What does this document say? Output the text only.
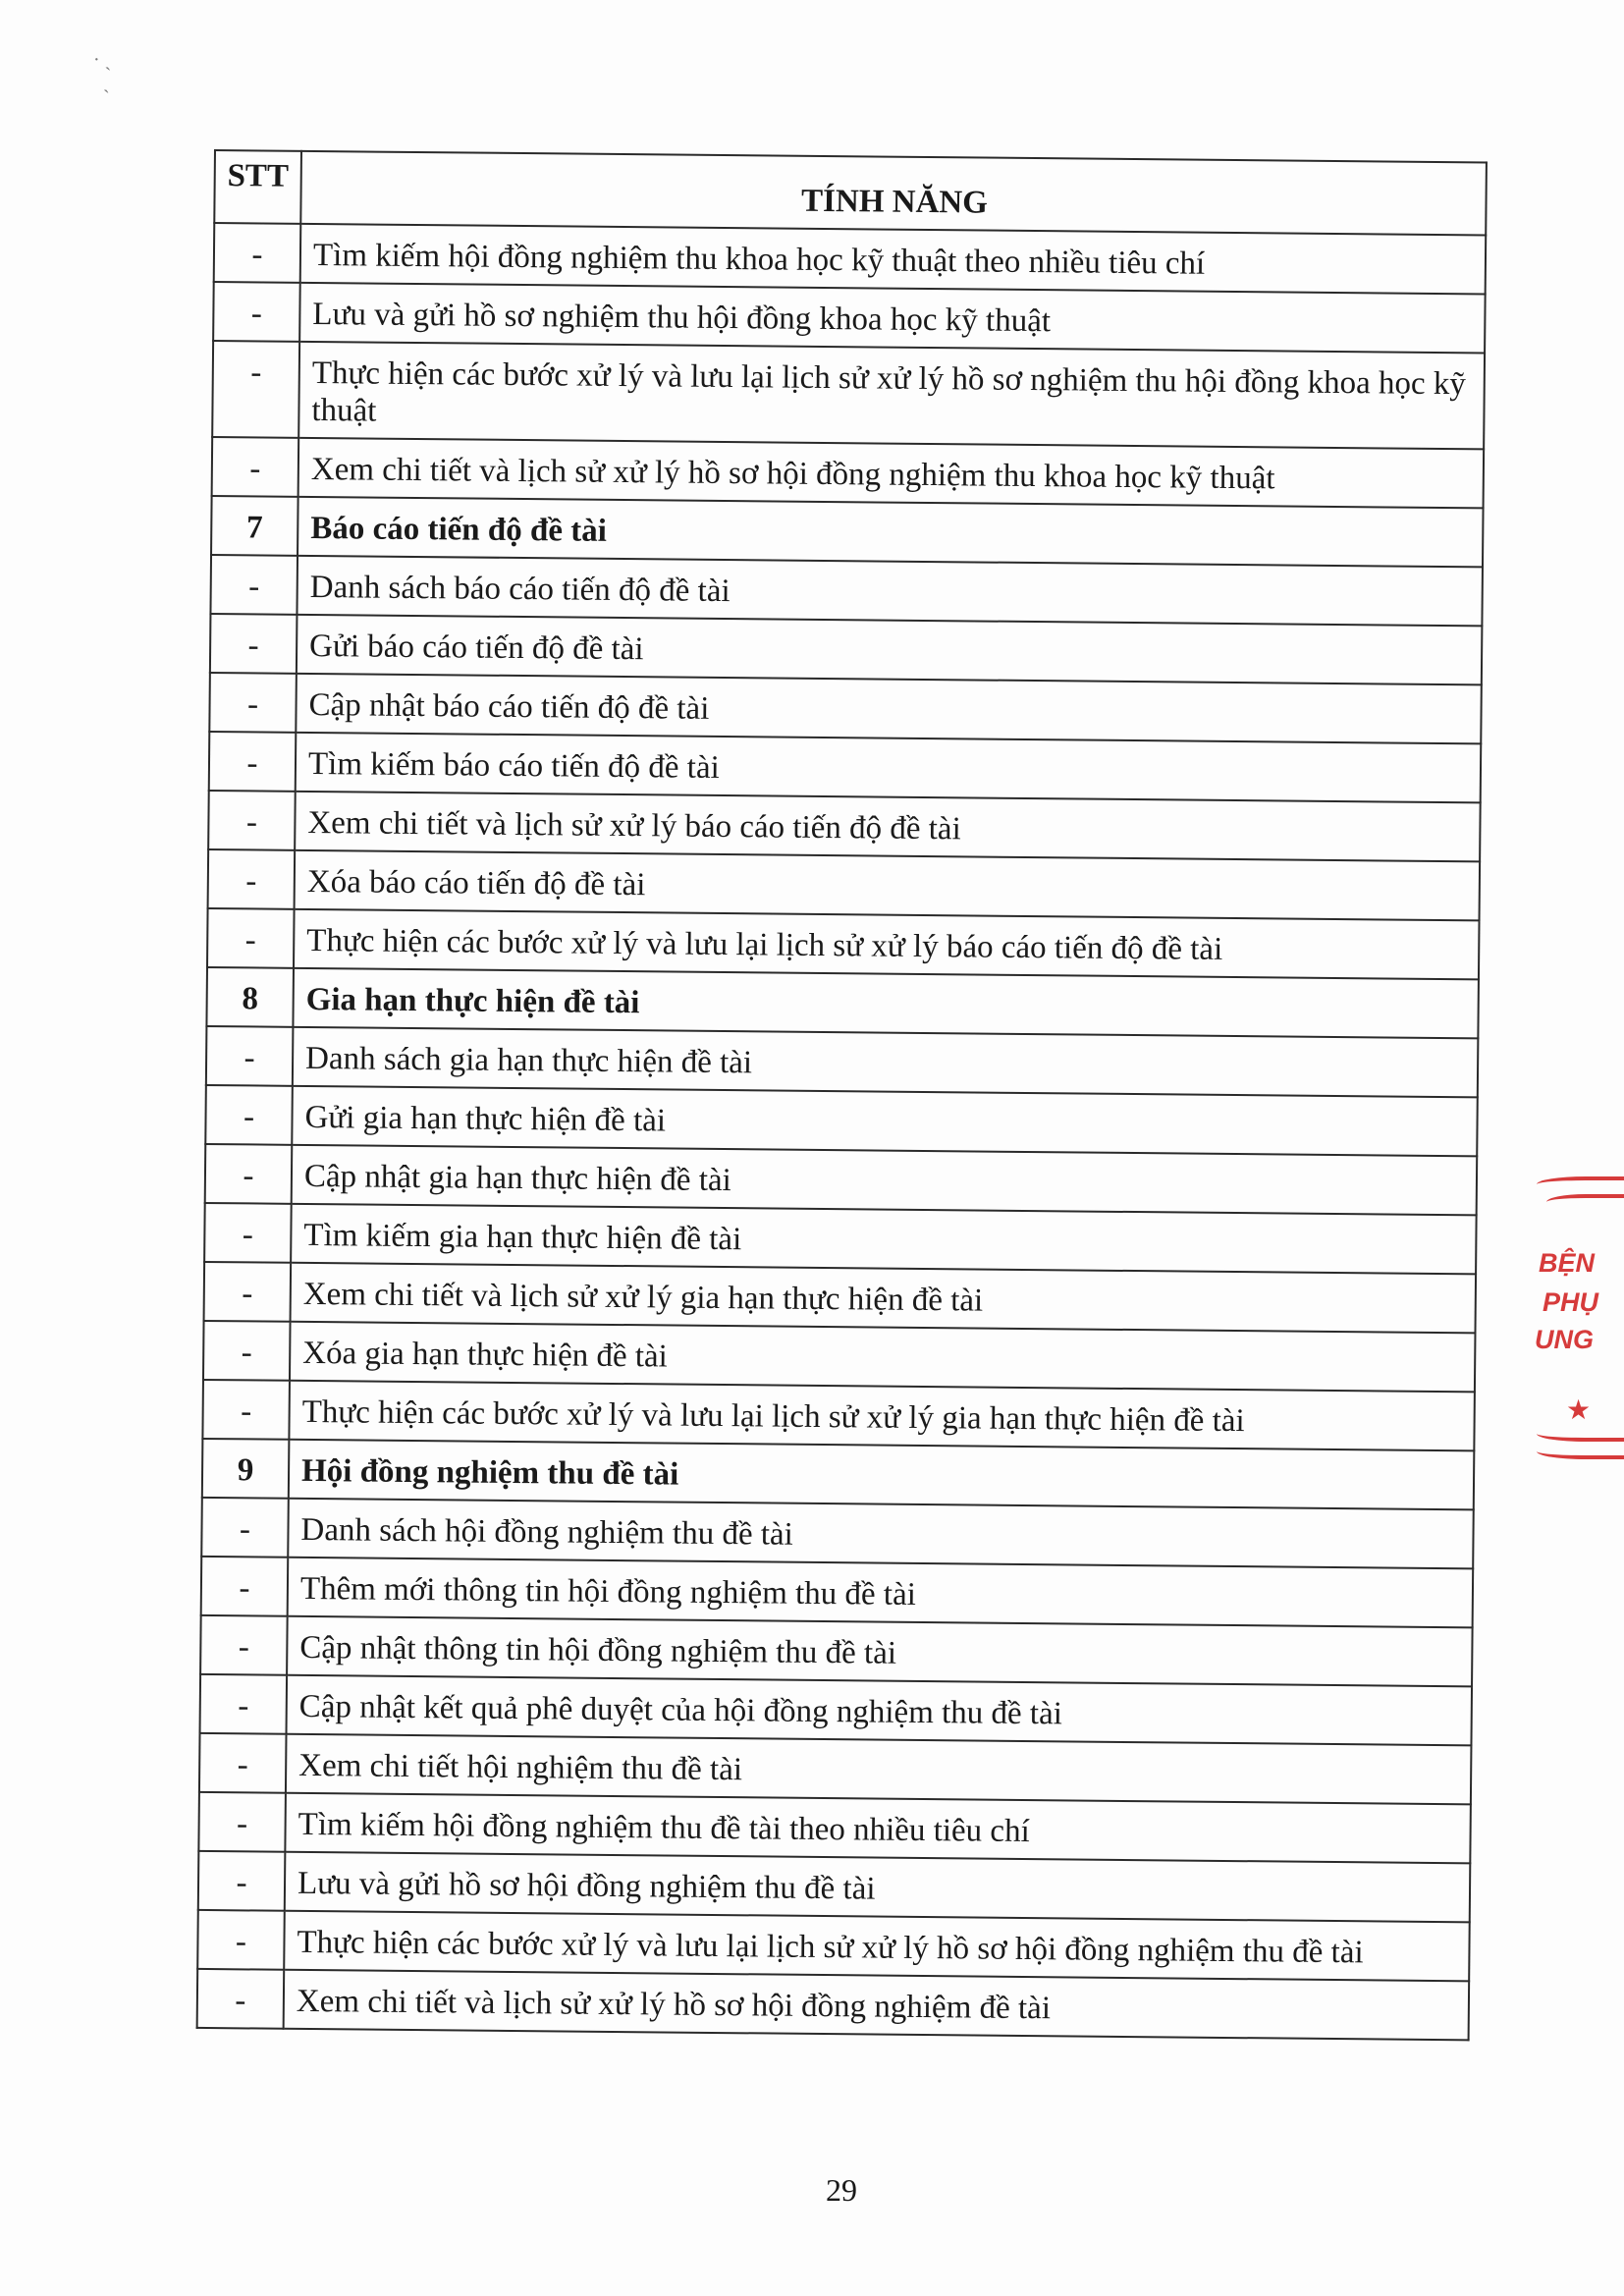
· ˏ
ˎ
STT	TÍNH NĂNG
-	Tìm kiếm hội đồng nghiệm thu khoa học kỹ thuật theo nhiều tiêu chí
-	Lưu và gửi hồ sơ nghiệm thu hội đồng khoa học kỹ thuật
-	Thực hiện các bước xử lý và lưu lại lịch sử xử lý hồ sơ nghiệm thu hội đồng khoa học kỹ thuật
-	Xem chi tiết và lịch sử xử lý hồ sơ hội đồng nghiệm thu khoa học kỹ thuật
7	Báo cáo tiến độ đề tài
-	Danh sách báo cáo tiến độ đề tài
-	Gửi báo cáo tiến độ đề tài
-	Cập nhật báo cáo tiến độ đề tài
-	Tìm kiếm báo cáo tiến độ đề tài
-	Xem chi tiết và lịch sử xử lý báo cáo tiến độ đề tài
-	Xóa báo cáo tiến độ đề tài
-	Thực hiện các bước xử lý và lưu lại lịch sử xử lý báo cáo tiến độ đề tài
8	Gia hạn thực hiện đề tài
-	Danh sách gia hạn thực hiện đề tài
-	Gửi gia hạn thực hiện đề tài
-	Cập nhật gia hạn thực hiện đề tài
-	Tìm kiếm gia hạn thực hiện đề tài
-	Xem chi tiết và lịch sử xử lý gia hạn thực hiện đề tài
-	Xóa gia hạn thực hiện đề tài
-	Thực hiện các bước xử lý và lưu lại lịch sử xử lý gia hạn thực hiện đề tài
9	Hội đồng nghiệm thu đề tài
-	Danh sách hội đồng nghiệm thu đề tài
-	Thêm mới thông tin hội đồng nghiệm thu đề tài
-	Cập nhật thông tin hội đồng nghiệm thu đề tài
-	Cập nhật kết quả phê duyệt của hội đồng nghiệm thu đề tài
-	Xem chi tiết hội nghiệm thu đề tài
-	Tìm kiếm hội đồng nghiệm thu đề tài theo nhiều tiêu chí
-	Lưu và gửi hồ sơ hội đồng nghiệm thu đề tài
-	Thực hiện các bước xử lý và lưu lại lịch sử xử lý hồ sơ hội đồng nghiệm thu đề tài
-	Xem chi tiết và lịch sử xử lý hồ sơ hội đồng nghiệm đề tài
BỆN
PHỤ
UNG
★
29
